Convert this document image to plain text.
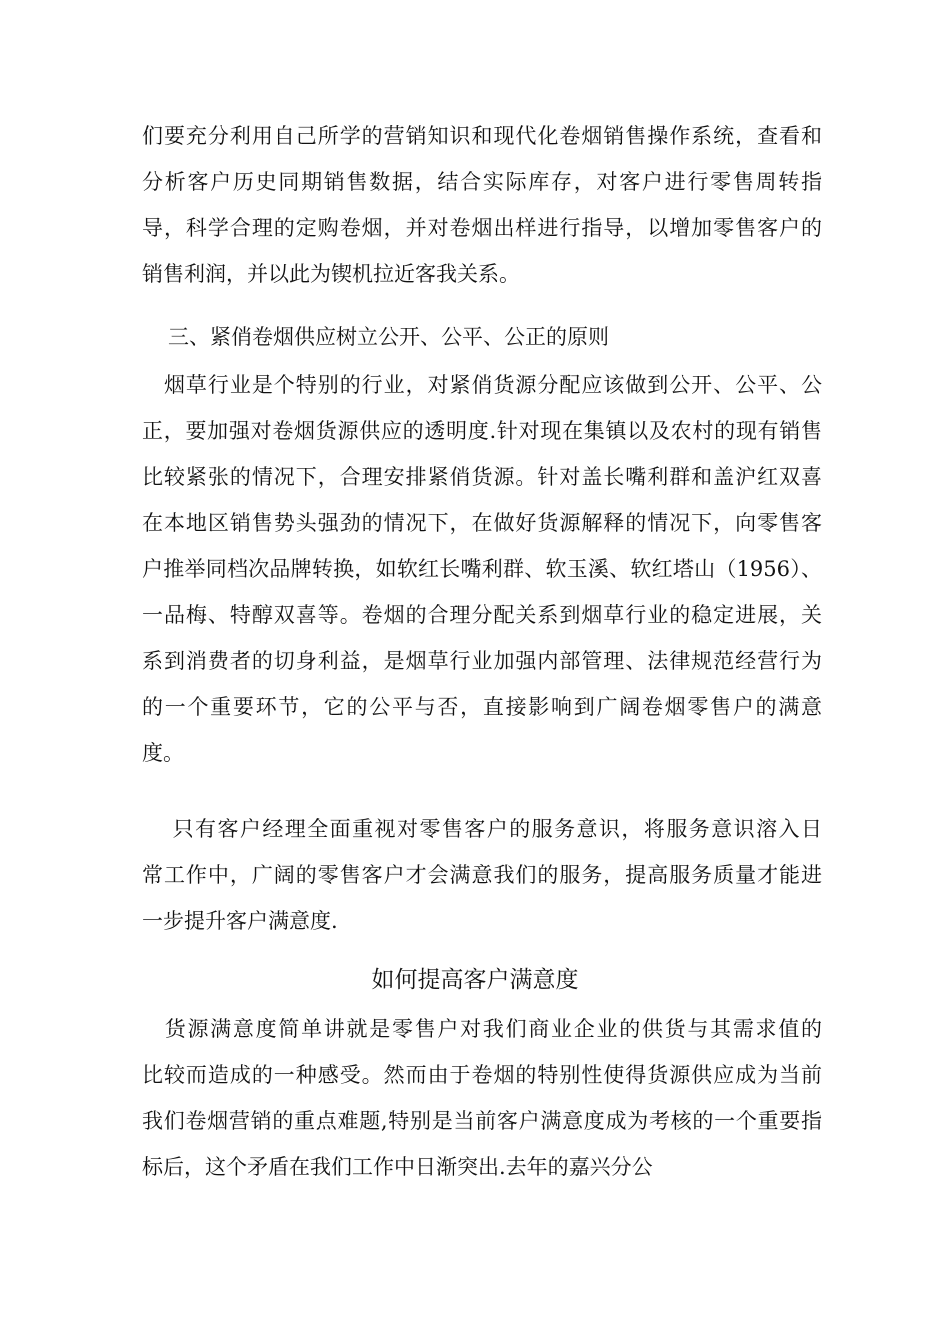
们要充分利用自己所学的营销知识和现代化卷烟销售操作系统，查看和
分析客户历史同期销售数据，结合实际库存，对客户进行零售周转指
导，科学合理的定购卷烟，并对卷烟出样进行指导，以增加零售客户的
销售利润，并以此为锲机拉近客我关系。
三、紧俏卷烟供应树立公开、公平、公正的原则
　烟草行业是个特别的行业，对紧俏货源分配应该做到公开、公平、公
正，要加强对卷烟货源供应的透明度.针对现在集镇以及农村的现有销售
比较紧张的情况下，合理安排紧俏货源。针对盖长嘴利群和盖沪红双喜
在本地区销售势头强劲的情况下，在做好货源解释的情况下，向零售客
户推举同档次品牌转换，如软红长嘴利群、软玉溪、软红塔山（1956）、
一品梅、特醇双喜等。卷烟的合理分配关系到烟草行业的稳定进展，关
系到消费者的切身利益，是烟草行业加强内部管理、法律规范经营行为
的一个重要环节，它的公平与否，直接影响到广阔卷烟零售户的满意
度。
　 只有客户经理全面重视对零售客户的服务意识，将服务意识溶入日
常工作中，广阔的零售客户才会满意我们的服务，提高服务质量才能进
一步提升客户满意度.
如何提高客户满意度
　货源满意度简单讲就是零售户对我们商业企业的供货与其需求值的
比较而造成的一种感受。然而由于卷烟的特别性使得货源供应成为当前
我们卷烟营销的重点难题,特别是当前客户满意度成为考核的一个重要指
标后，这个矛盾在我们工作中日渐突出.去年的嘉兴分公
